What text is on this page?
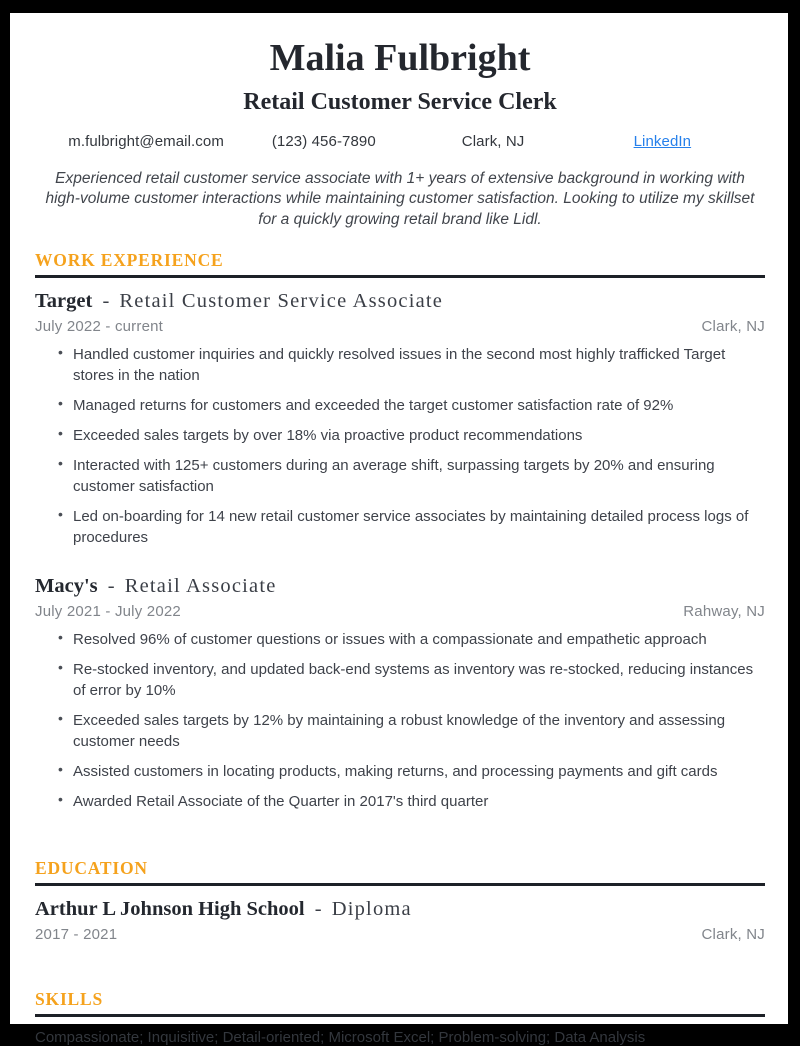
Malia Fulbright
Retail Customer Service Clerk
m.fulbright@email.com	(123) 456-7890	Clark, NJ	LinkedIn

Experienced retail customer service associate with 1+ years of extensive background in working with high-volume customer interactions while maintaining customer satisfaction. Looking to utilize my skillset for a quickly growing retail brand like Lidl.

WORK EXPERIENCE
Target - Retail Customer Service Associate
July 2022 - current	Clark, NJ
• Handled customer inquiries and quickly resolved issues in the second most highly trafficked Target stores in the nation
• Managed returns for customers and exceeded the target customer satisfaction rate of 92%
• Exceeded sales targets by over 18% via proactive product recommendations
• Interacted with 125+ customers during an average shift, surpassing targets by 20% and ensuring customer satisfaction
• Led on-boarding for 14 new retail customer service associates by maintaining detailed process logs of procedures
Macy's - Retail Associate
July 2021 - July 2022	Rahway, NJ
• Resolved 96% of customer questions or issues with a compassionate and empathetic approach
• Re-stocked inventory, and updated back-end systems as inventory was re-stocked, reducing instances of error by 10%
• Exceeded sales targets by 12% by maintaining a robust knowledge of the inventory and assessing customer needs
• Assisted customers in locating products, making returns, and processing payments and gift cards
• Awarded Retail Associate of the Quarter in 2017's third quarter
EDUCATION
Arthur L Johnson High School - Diploma
2017 - 2021	Clark, NJ
SKILLS
Compassionate; Inquisitive; Detail-oriented; Microsoft Excel; Problem-solving; Data Analysis
